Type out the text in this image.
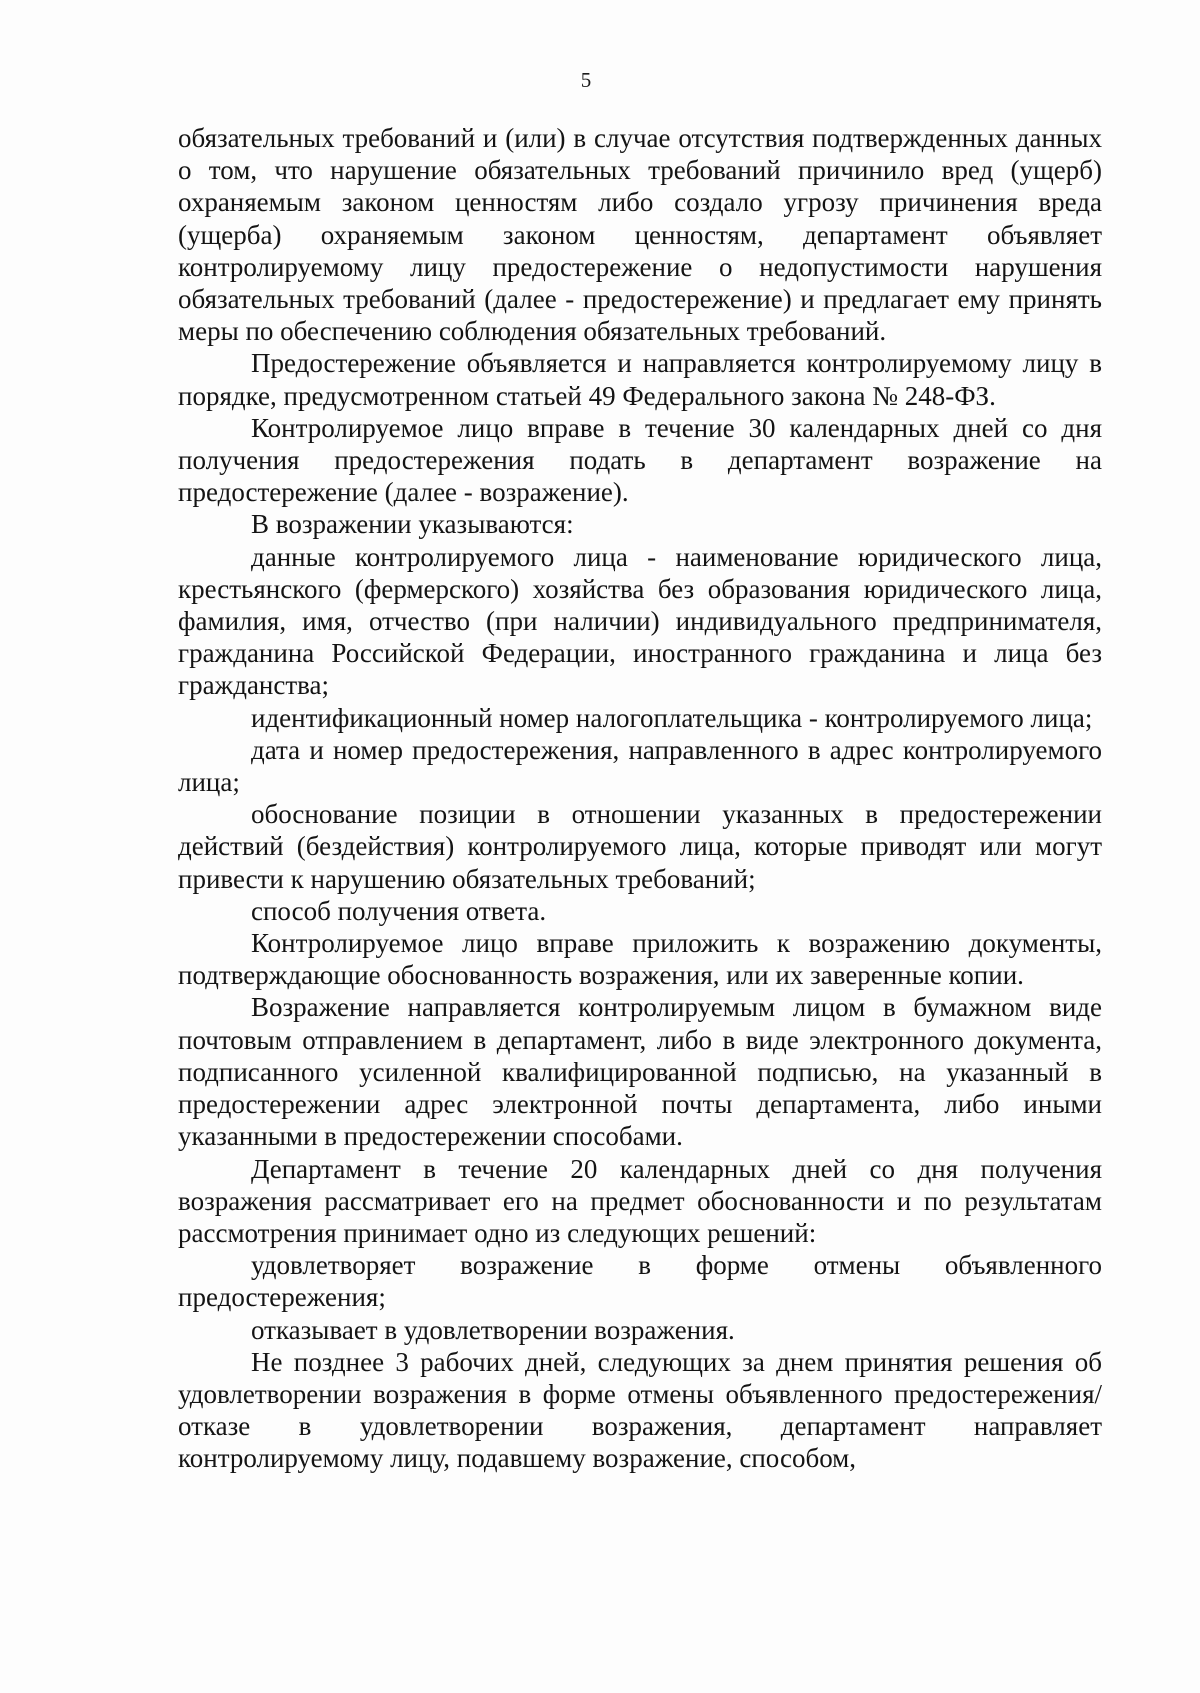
5

обязательных требований и (или) в случае отсутствия подтвержденных данных о том, что нарушение обязательных требований причинило вред (ущерб) охраняемым законом ценностям либо создало угрозу причинения вреда (ущерба) охраняемым законом ценностям, департамент объявляет контролируемому лицу предостережение о недопустимости нарушения обязательных требований (далее - предостережение) и предлагает ему принять меры по обеспечению соблюдения обязательных требований.

Предостережение объявляется и направляется контролируемому лицу в порядке, предусмотренном статьей 49 Федерального закона № 248-ФЗ.

Контролируемое лицо вправе в течение 30 календарных дней со дня получения предостережения подать в департамент возражение на предостережение (далее - возражение).

В возражении указываются:

данные контролируемого лица - наименование юридического лица, крестьянского (фермерского) хозяйства без образования юридического лица, фамилия, имя, отчество (при наличии) индивидуального предпринимателя, гражданина Российской Федерации, иностранного гражданина и лица без гражданства;

идентификационный номер налогоплательщика - контролируемого лица;

дата и номер предостережения, направленного в адрес контролируемого лица;

обоснование позиции в отношении указанных в предостережении действий (бездействия) контролируемого лица, которые приводят или могут привести к нарушению обязательных требований;

способ получения ответа.

Контролируемое лицо вправе приложить к возражению документы, подтверждающие обоснованность возражения, или их заверенные копии.

Возражение направляется контролируемым лицом в бумажном виде почтовым отправлением в департамент, либо в виде электронного документа, подписанного усиленной квалифицированной подписью, на указанный в предостережении адрес электронной почты департамента, либо иными указанными в предостережении способами.

Департамент в течение 20 календарных дней со дня получения возражения рассматривает его на предмет обоснованности и по результатам рассмотрения принимает одно из следующих решений:

удовлетворяет возражение в форме отмены объявленного предостережения;

отказывает в удовлетворении возражения.

Не позднее 3 рабочих дней, следующих за днем принятия решения об удовлетворении возражения в форме отмены объявленного предостережения/ отказе в удовлетворении возражения, департамент направляет контролируемому лицу, подавшему возражение, способом,
